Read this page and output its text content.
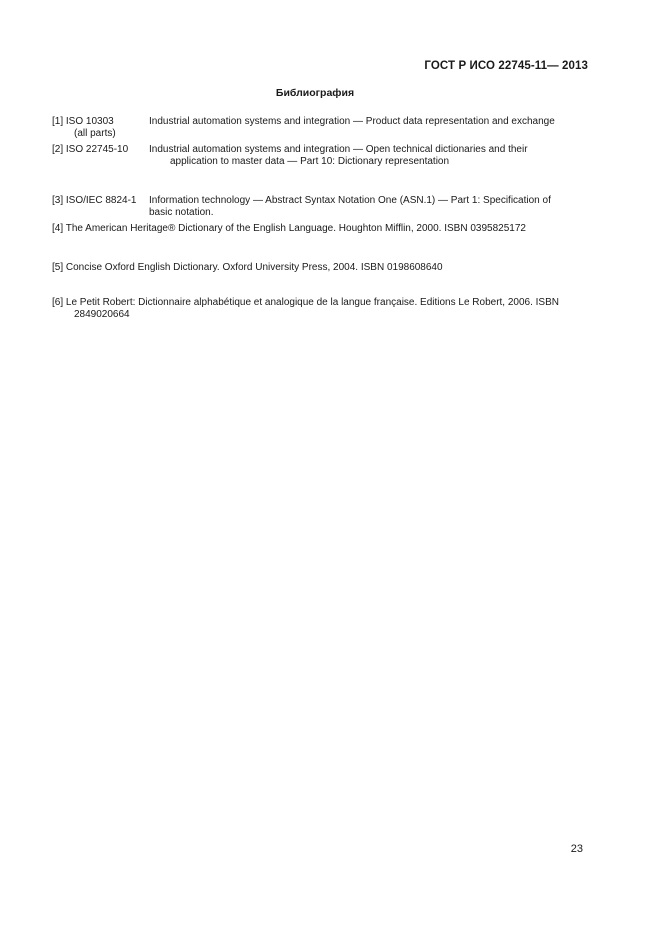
ГОСТ Р ИСО 22745-11— 2013
Библиография
[1] ISO 10303
(all parts)
Industrial automation systems and integration — Product data representation and exchange
[2] ISO 22745-10 Industrial automation systems and integration — Open technical dictionaries and their
application to master data — Part 10: Dictionary representation
[3] ISO/IEC 8824-1 Information technology — Abstract Syntax Notation One (ASN.1) — Part 1: Specification of
basic notation.
[4] The American Heritage® Dictionary of the English Language. Houghton Mifflin, 2000. ISBN 0395825172
[5] Concise Oxford English Dictionary. Oxford University Press, 2004. ISBN 0198608640
[6] Le Petit Robert: Dictionnaire alphabétique et analogique de la langue française. Editions Le Robert, 2006. ISBN
2849020664
23
